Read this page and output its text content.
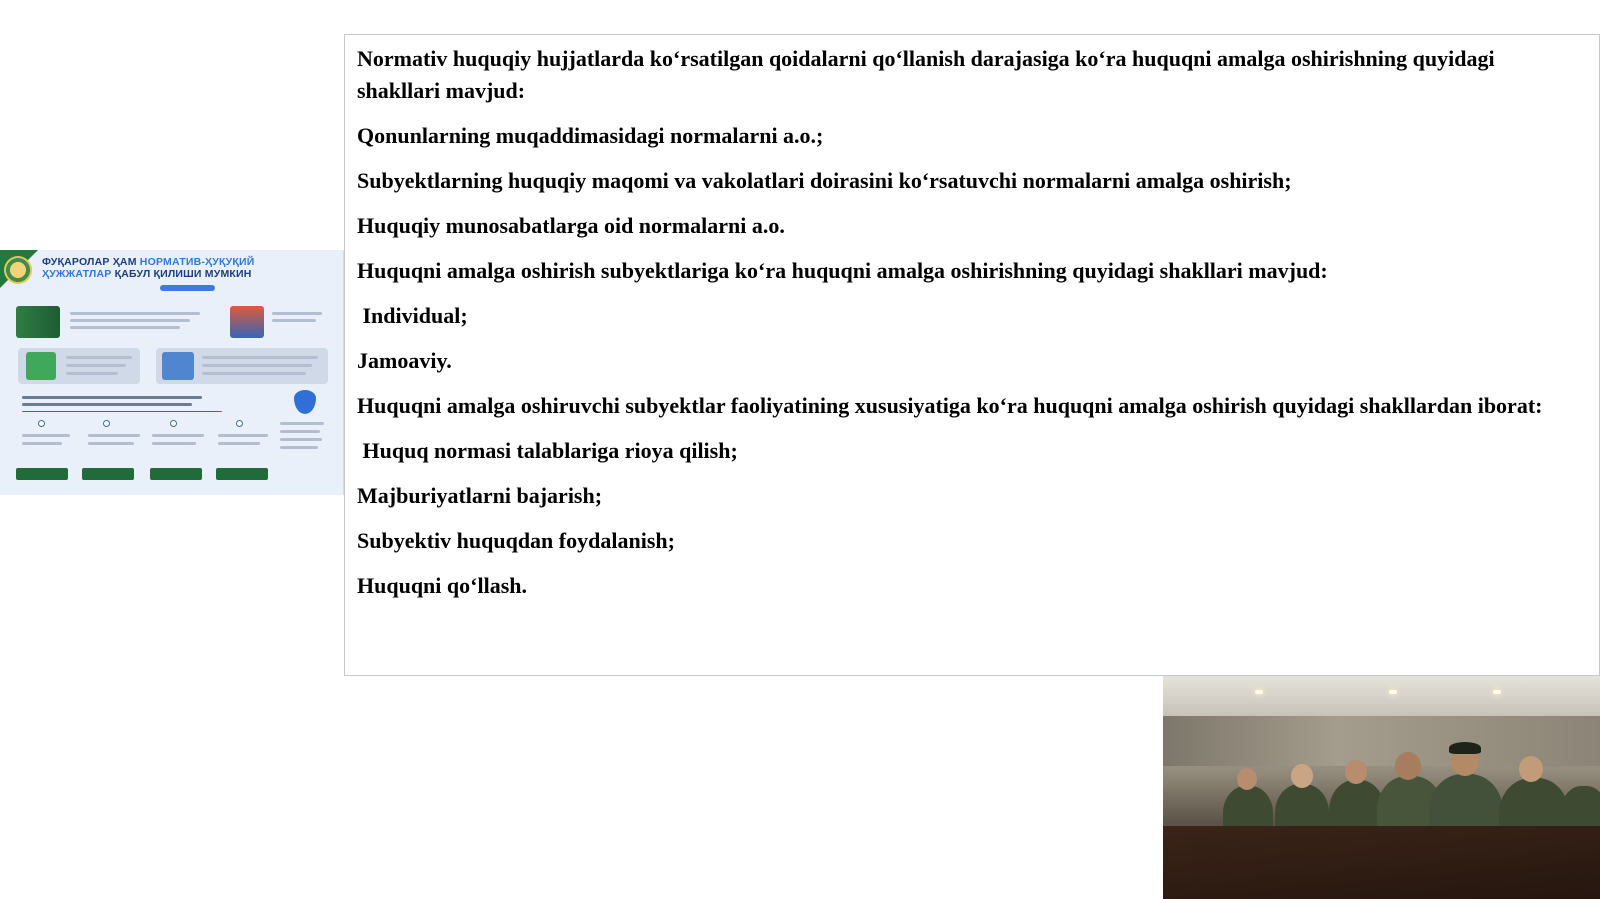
ФУҚАРОЛАР ҲАМ НОРМАТИВ-ҲУҚУҚИЙ
ҲУЖЖАТЛАР ҚАБУЛ ҚИЛИШИ МУМКИН

Normativ huquqiy hujjatlarda ko‘rsatilgan qoidalarni qo‘llanish darajasiga ko‘ra huquqni amalga oshirishning quyidagi shakllari mavjud:

Qonunlarning muqaddimasidagi normalarni a.o.;

Subyektlarning huquqiy maqomi va vakolatlari doirasini ko‘rsatuvchi normalarni amalga oshirish;

Huquqiy munosabatlarga oid normalarni a.o.

Huquqni amalga oshirish subyektlariga ko‘ra huquqni amalga oshirishning quyidagi shakllari mavjud:

Individual;

Jamoaviy.

Huquqni amalga oshiruvchi subyektlar faoliyatining xususiyatiga ko‘ra huquqni amalga oshirish quyidagi shakllardan iborat:

Huquq normasi talablariga rioya qilish;

Majburiyatlarni bajarish;

Subyektiv huquqdan foydalanish;

Huquqni qo‘llash.
